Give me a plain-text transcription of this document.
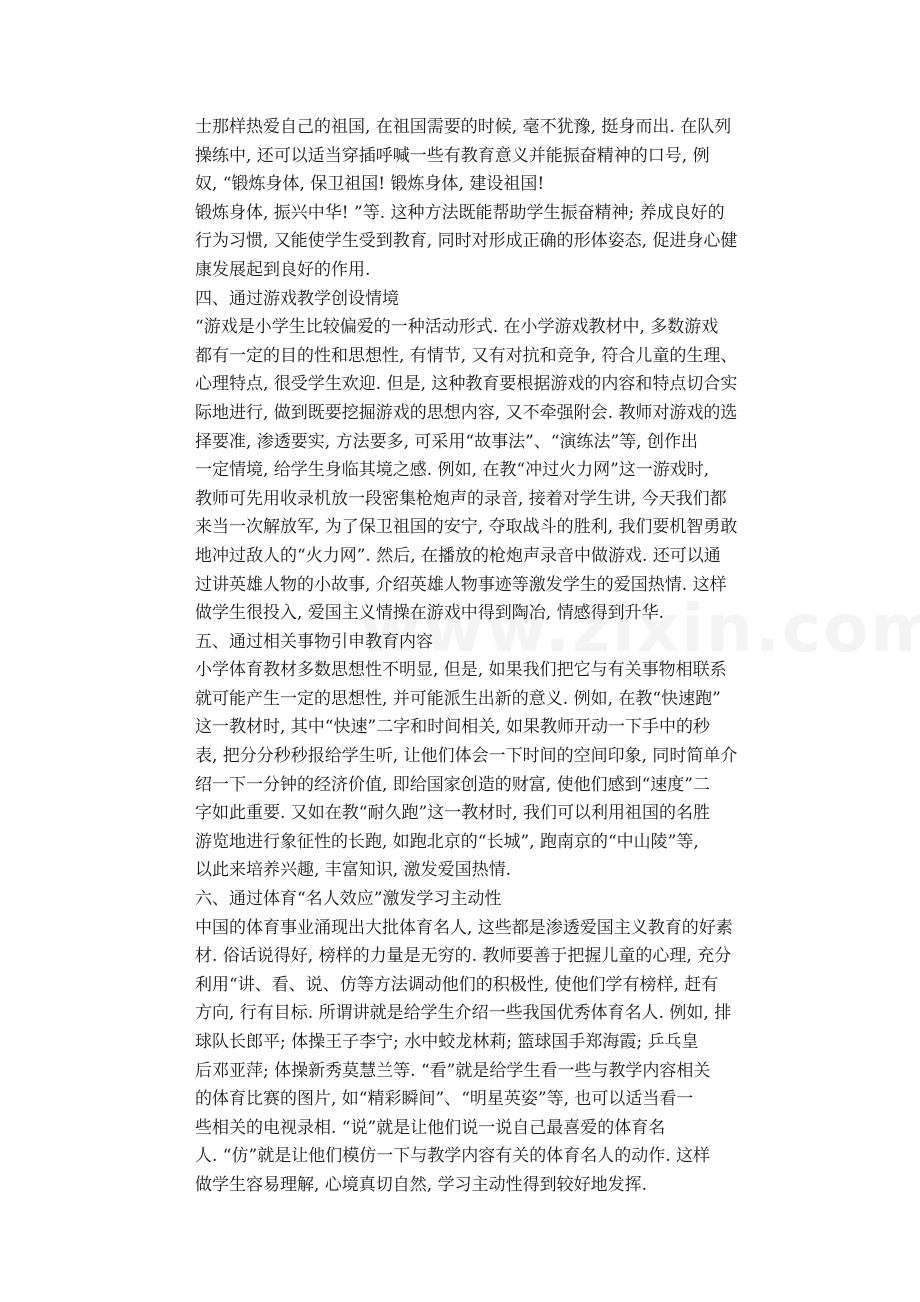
士那样热爱自己的祖国, 在祖国需要的时候, 毫不犹豫, 挺身而出. 在队列
操练中, 还可以适当穿插呼喊一些有教育意义并能振奋精神的口号, 例
奴, “锻炼身体, 保卫祖国! 锻炼身体, 建设祖国!
锻炼身体, 振兴中华! ”等. 这种方法既能帮助学生振奋精神; 养成良好的
行为习惯, 又能使学生受到教育, 同时对形成正确的形体姿态, 促进身心健
康发展起到良好的作用.
四、通过游戏教学创设情境
“游戏是小学生比较偏爱的一种活动形式. 在小学游戏教材中, 多数游戏
都有一定的目的性和思想性, 有情节, 又有对抗和竞争, 符合儿童的生理、
心理特点, 很受学生欢迎. 但是, 这种教育要根据游戏的内容和特点切合实
际地进行, 做到既要挖掘游戏的思想内容, 又不牵强附会. 教师对游戏的选
择要准, 渗透要实, 方法要多, 可采用“故事法”、“演练法”等, 创作出
一定情境, 给学生身临其境之感. 例如, 在教“冲过火力网”这一游戏时,
教师可先用收录机放一段密集枪炮声的录音, 接着对学生讲, 今天我们都
来当一次解放军, 为了保卫祖国的安宁, 夺取战斗的胜利, 我们要机智勇敢
地冲过敌人的“火力网”. 然后, 在播放的枪炮声录音中做游戏. 还可以通
过讲英雄人物的小故事, 介绍英雄人物事迹等激发学生的爱国热情. 这样
做学生很投入, 爱国主义情操在游戏中得到陶冶, 情感得到升华.
五、通过相关事物引申教育内容
小学体育教材多数思想性不明显, 但是, 如果我们把它与有关事物相联系
就可能产生一定的思想性, 并可能派生出新的意义. 例如, 在教“快速跑”
这一教材时, 其中“快速”二字和时间相关, 如果教师开动一下手中的秒
表, 把分分秒秒报给学生听, 让他们体会一下时间的空间印象, 同时简单介
绍一下一分钟的经济价值, 即给国家创造的财富, 使他们感到“速度”二
字如此重要. 又如在教“耐久跑”这一教材时, 我们可以利用祖国的名胜
游览地进行象征性的长跑, 如跑北京的“长城”, 跑南京的“中山陵”等,
以此来培养兴趣, 丰富知识, 激发爱国热情.
六、通过体育“名人效应”激发学习主动性
中国的体育事业涌现出大批体育名人, 这些都是渗透爱国主义教育的好素
材. 俗话说得好, 榜样的力量是无穷的. 教师要善于把握儿童的心理, 充分
利用“讲、看、说、仿等方法调动他们的积极性, 使他们学有榜样, 赶有
方向, 行有目标. 所谓讲就是给学生介绍一些我国优秀体育名人. 例如, 排
球队长郎平; 体操王子李宁; 水中蛟龙林莉; 篮球国手郑海霞; 乒乓皇
后邓亚萍; 体操新秀莫慧兰等. “看”就是给学生看一些与教学内容相关
的体育比赛的图片, 如“精彩瞬间”、“明星英姿”等, 也可以适当看一
些相关的电视录相. “说”就是让他们说一说自己最喜爱的体育名
人. “仿”就是让他们模仿一下与教学内容有关的体育名人的动作. 这样
做学生容易理解, 心境真切自然, 学习主动性得到较好地发挥.
